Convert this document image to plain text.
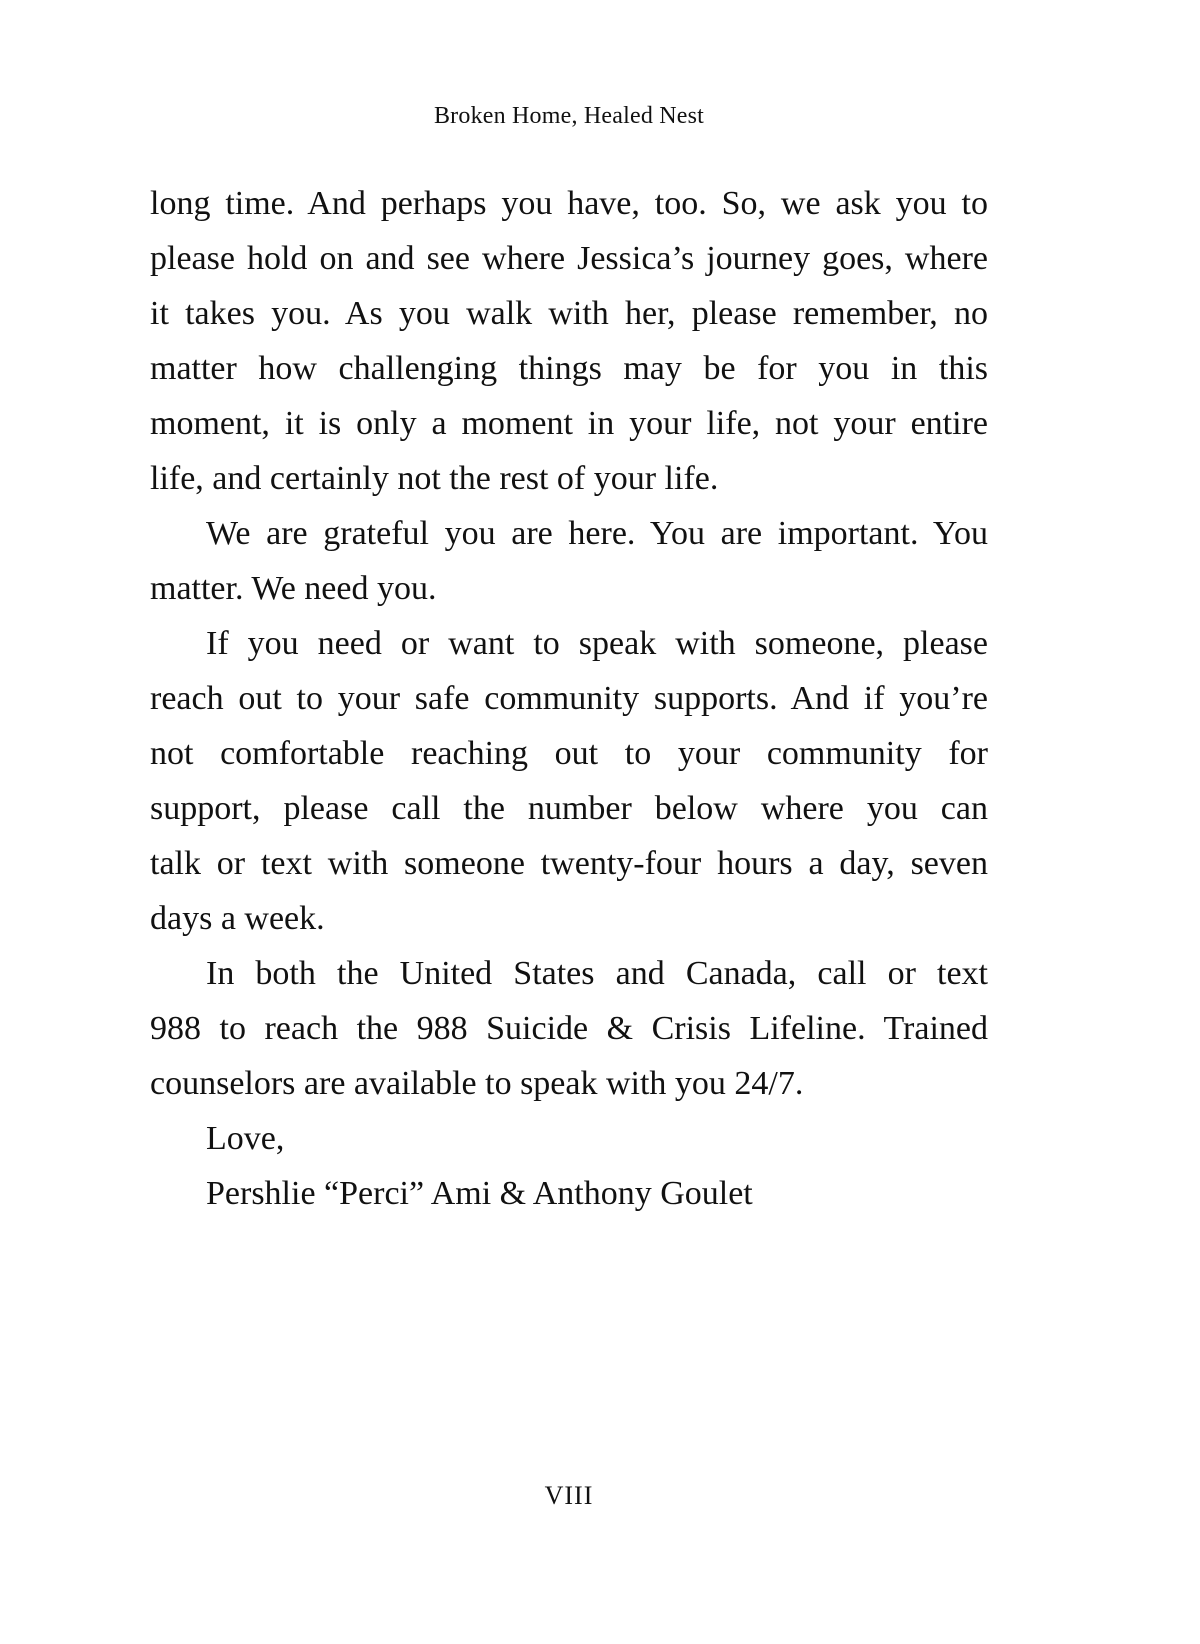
Broken Home, Healed Nest
long time. And perhaps you have, too. So, we ask you to
please hold on and see where Jessica’s journey goes, where
it takes you. As you walk with her, please remember, no
matter how challenging things may be for you in this
moment, it is only a moment in your life, not your entire
life, and certainly not the rest of your life.
We are grateful you are here. You are important. You
matter. We need you.
If you need or want to speak with someone, please
reach out to your safe community supports. And if you’re
not comfortable reaching out to your community for
support, please call the number below where you can
talk or text with someone twenty-four hours a day, seven
days a week.
In both the United States and Canada, call or text
988 to reach the 988 Suicide & Crisis Lifeline. Trained
counselors are available to speak with you 24/7.
Love,
Pershlie “Perci” Ami & Anthony Goulet
VIII
